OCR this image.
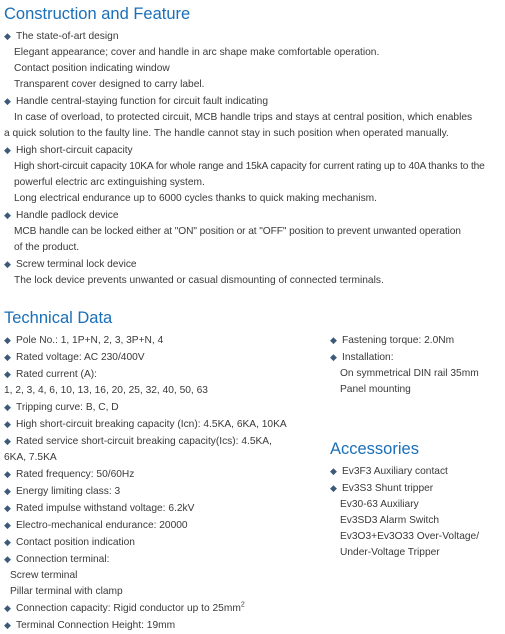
Construction and Feature
◆ The state-of-art design
Elegant appearance; cover and handle in arc shape make comfortable operation.
Contact position indicating window
Transparent cover designed to carry label.
◆ Handle central-staying function for circuit fault indicating
In case of overload, to protected circuit, MCB handle trips and stays at central position, which enables
a quick solution to the faulty line. The handle cannot stay in such position when operated manually.
◆ High short-circuit capacity
High short-circuit capacity 10KA for whole range and 15kA capacity for current rating up to 40A thanks to the
powerful electric arc extinguishing system.
Long electrical endurance up to 6000 cycles thanks to quick making mechanism.
◆ Handle padlock device
MCB handle can be locked either at "ON" position or at "OFF" position to prevent unwanted operation
of the product.
◆ Screw terminal lock device
The lock device prevents unwanted or casual dismounting of connected terminals.
Technical Data
◆ Pole No.: 1, 1P+N, 2, 3, 3P+N, 4
◆ Rated voltage: AC 230/400V
◆ Rated current (A):
1, 2, 3, 4, 6, 10, 13, 16, 20, 25, 32, 40, 50, 63
◆ Tripping curve: B, C, D
◆ High short-circuit breaking capacity (Icn): 4.5KA, 6KA, 10KA
◆ Rated service short-circuit breaking capacity(Ics): 4.5KA,
6KA, 7.5KA
◆ Rated frequency: 50/60Hz
◆ Energy limiting class: 3
◆ Rated impulse withstand voltage: 6.2kV
◆ Electro-mechanical endurance: 20000
◆ Contact position indication
◆ Connection terminal:
Screw terminal
Pillar terminal with clamp
◆ Connection capacity: Rigid conductor up to $25mm^2$
◆ Terminal Connection Height: 19mm
◆ Fastening torque: 2.0Nm
◆ Installation:
On symmetrical DIN rail 35mm
Panel mounting
Accessories
◆ Ev3F3 Auxiliary contact
◆ Ev3S3 Shunt tripper
Ev30-63 Auxiliary
Ev3SD3 Alarm Switch
Ev3O3+Ev3O33 Over-Voltage/
Under-Voltage Tripper
